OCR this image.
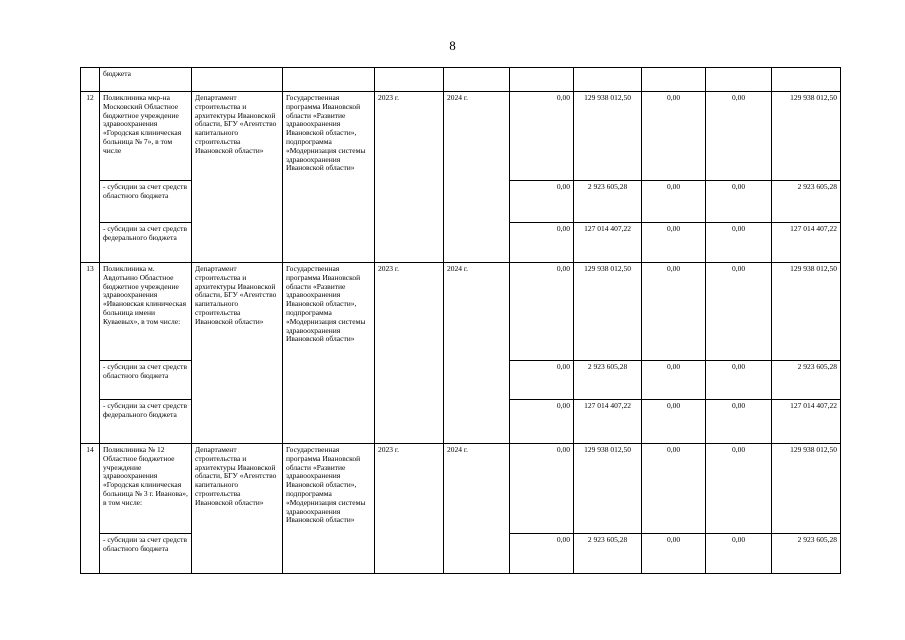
8
	бюджета									
12	Поликлиника мкр-на Московский Областное бюджетное учреждение здравоохранения «Городская клиническая больница № 7», в том числе	Департамент строительства и архитектуры Ивановской области, БГУ «Агентство капитального строительства Ивановской области»	Государственная программа Ивановской области «Развитие здравоохранения Ивановской области», подпрограмма «Модернизация системы здравоохранения Ивановской области»	2023 г.	2024 г.	0,00	129 938 012,50	0,00	0,00	129 938 012,50
	- субсидии за счет средств областного бюджета					0,00	2 923 605,28	0,00	0,00	2 923 605,28
	- субсидии за счет средств федерального бюджета					0,00	127 014 407,22	0,00	0,00	127 014 407,22
13	Поликлиника м. Авдотьино Областное бюджетное учреждение здравоохранения «Ивановская клиническая больница имени Куваевых», в том числе:	Департамент строительства и архитектуры Ивановской области, БГУ «Агентство капитального строительства Ивановской области»	Государственная программа Ивановской области «Развитие здравоохранения Ивановской области», подпрограмма «Модернизация системы здравоохранения Ивановской области»	2023 г.	2024 г.	0,00	129 938 012,50	0,00	0,00	129 938 012,50
	- субсидии за счет средств областного бюджета					0,00	2 923 605,28	0,00	0,00	2 923 605,28
	- субсидии за счет средств федерального бюджета					0,00	127 014 407,22	0,00	0,00	127 014 407,22
14	Поликлиника № 12 Областное бюджетное учреждение здравоохранения «Городская клиническая больница № 3 г. Иванова», в том числе:	Департамент строительства и архитектуры Ивановской области, БГУ «Агентство капитального строительства Ивановской области»	Государственная программа Ивановской области «Развитие здравоохранения Ивановской области», подпрограмма «Модернизация системы здравоохранения Ивановской области»	2023 г.	2024 г.	0,00	129 938 012,50	0,00	0,00	129 938 012,50
	- субсидии за счет средств областного бюджета					0,00	2 923 605,28	0,00	0,00	2 923 605,28
